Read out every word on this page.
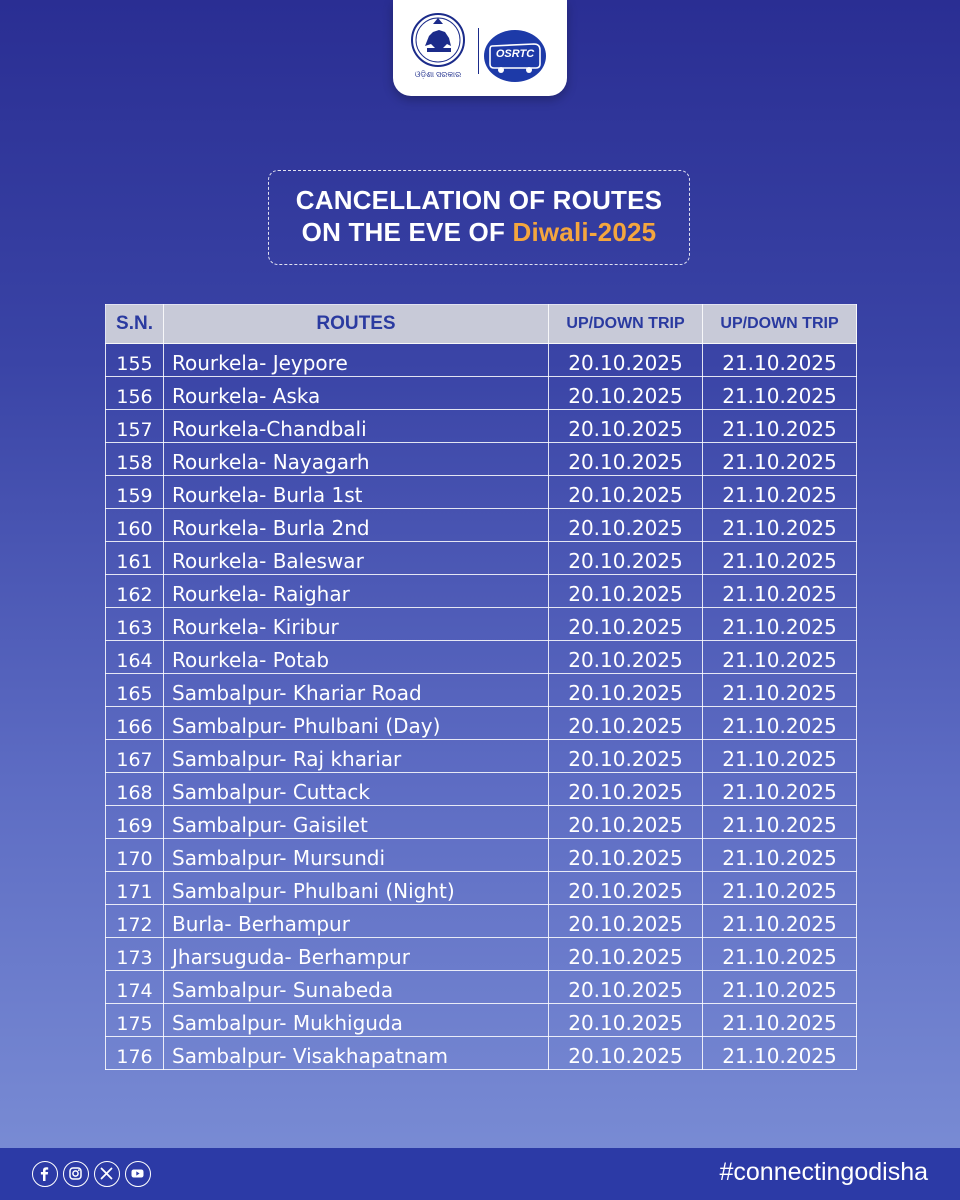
ଓଡ଼ିଶା ସରକାର
OSRTC
CANCELLATION OF ROUTES
ON THE EVE OF Diwali-2025
S.N.	ROUTES	UP/DOWN TRIP	UP/DOWN TRIP
155	Rourkela- Jeypore	20.10.2025	21.10.2025
156	Rourkela- Aska	20.10.2025	21.10.2025
157	Rourkela-Chandbali	20.10.2025	21.10.2025
158	Rourkela- Nayagarh	20.10.2025	21.10.2025
159	Rourkela- Burla 1st	20.10.2025	21.10.2025
160	Rourkela- Burla 2nd	20.10.2025	21.10.2025
161	Rourkela- Baleswar	20.10.2025	21.10.2025
162	Rourkela- Raighar	20.10.2025	21.10.2025
163	Rourkela- Kiribur	20.10.2025	21.10.2025
164	Rourkela- Potab	20.10.2025	21.10.2025
165	Sambalpur- Khariar Road	20.10.2025	21.10.2025
166	Sambalpur- Phulbani (Day)	20.10.2025	21.10.2025
167	Sambalpur- Raj khariar	20.10.2025	21.10.2025
168	Sambalpur- Cuttack	20.10.2025	21.10.2025
169	Sambalpur- Gaisilet	20.10.2025	21.10.2025
170	Sambalpur- Mursundi	20.10.2025	21.10.2025
171	Sambalpur- Phulbani (Night)	20.10.2025	21.10.2025
172	Burla- Berhampur	20.10.2025	21.10.2025
173	Jharsuguda- Berhampur	20.10.2025	21.10.2025
174	Sambalpur- Sunabeda	20.10.2025	21.10.2025
175	Sambalpur- Mukhiguda	20.10.2025	21.10.2025
176	Sambalpur- Visakhapatnam	20.10.2025	21.10.2025
#connectingodisha
